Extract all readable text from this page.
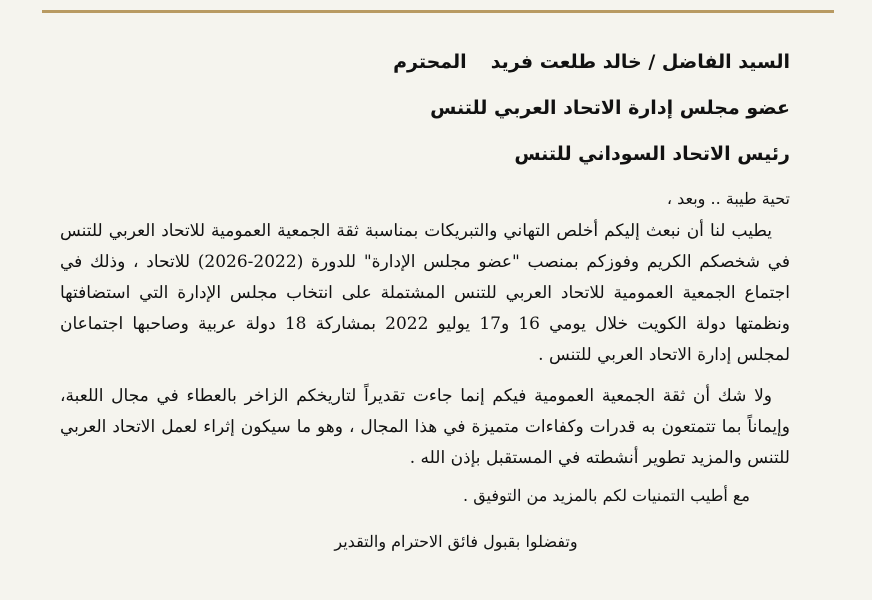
السيد الفاضل / خالد طلعت فريدالمحترم

عضو مجلس إدارة الاتحاد العربي للتنس

رئيس الاتحاد السوداني للتنس

تحية طيبة .. وبعد ،

يطيب لنا أن نبعث إليكم أخلص التهاني والتبريكات بمناسبة ثقة الجمعية العمومية للاتحاد العربي للتنس في شخصكم الكريم وفوزكم بمنصب "عضو مجلس الإدارة" للدورة (2022-2026) للاتحاد ، وذلك في اجتماع الجمعية العمومية للاتحاد العربي للتنس المشتملة على انتخاب مجلس الإدارة التي استضافتها ونظمتها دولة الكويت خلال يومي 16 و17 يوليو 2022 بمشاركة 18 دولة عربية وصاحبها اجتماعان لمجلس إدارة الاتحاد العربي للتنس .

ولا شك أن ثقة الجمعية العمومية فيكم إنما جاءت تقديراً لتاريخكم الزاخر بالعطاء في مجال اللعبة، وإيماناً بما تتمتعون به قدرات وكفاءات متميزة في هذا المجال ، وهو ما سيكون إثراء لعمل الاتحاد العربي للتنس والمزيد تطوير أنشطته في المستقبل بإذن الله .

مع أطيب التمنيات لكم بالمزيد من التوفيق .

وتفضلوا بقبول فائق الاحترام والتقدير
